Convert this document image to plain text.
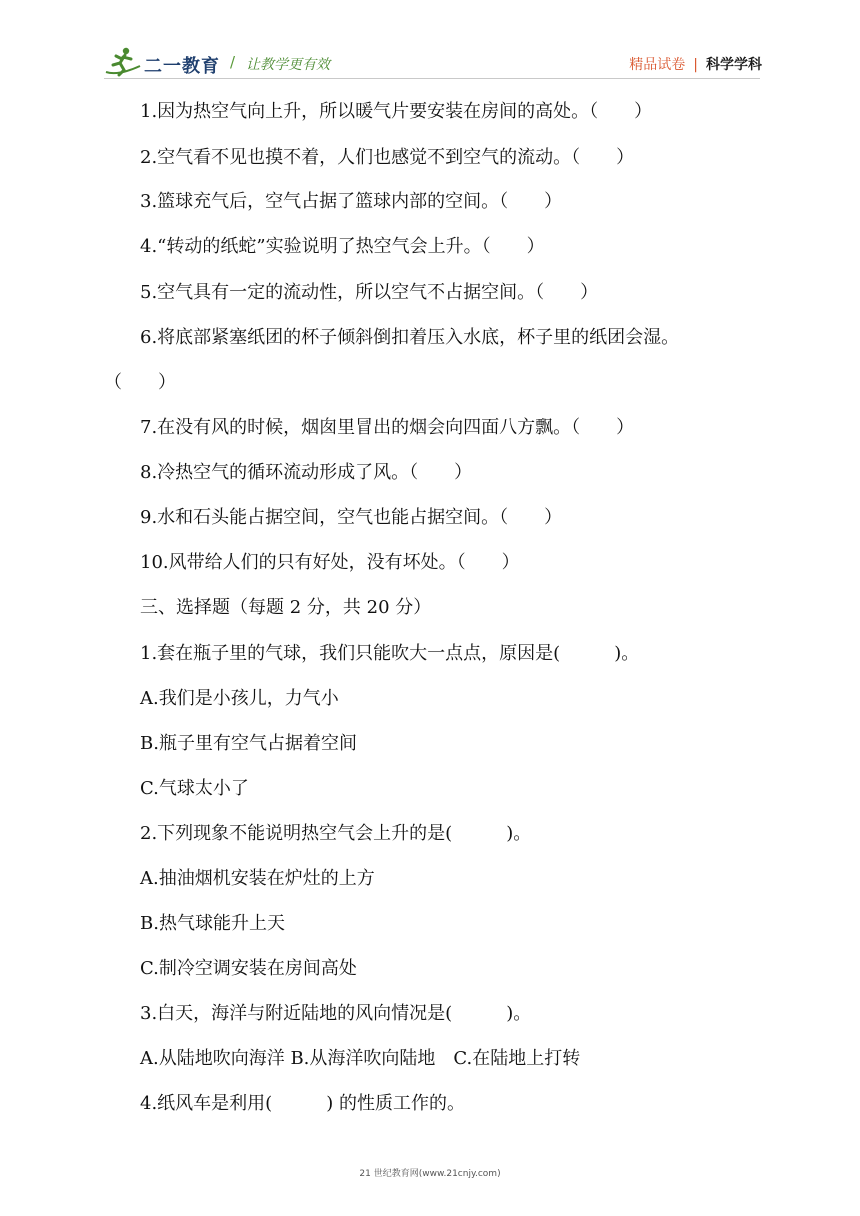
二一教育 / 让教学更有效	精品试卷 | 科学学科
1.因为热空气向上升，所以暖气片要安装在房间的高处。（　　）
2.空气看不见也摸不着，人们也感觉不到空气的流动。（　　）
3.篮球充气后，空气占据了篮球内部的空间。（　　）
4.“转动的纸蛇”实验说明了热空气会上升。（　　）
5.空气具有一定的流动性，所以空气不占据空间。（　　）
6.将底部紧塞纸团的杯子倾斜倒扣着压入水底，杯子里的纸团会湿。
（　　）
7.在没有风的时候，烟囱里冒出的烟会向四面八方飘。（　　）
8.冷热空气的循环流动形成了风。（　　）
9.水和石头能占据空间，空气也能占据空间。（　　）
10.风带给人们的只有好处，没有坏处。（　　）
三、选择题（每题 2 分，共 20 分）
1.套在瓶子里的气球，我们只能吹大一点点，原因是(　　　)。
A.我们是小孩儿，力气小
B.瓶子里有空气占据着空间
C.气球太小了
2.下列现象不能说明热空气会上升的是(　　　)。
A.抽油烟机安装在炉灶的上方
B.热气球能升上天
C.制冷空调安装在房间高处
3.白天，海洋与附近陆地的风向情况是(　　　)。
A.从陆地吹向海洋 B.从海洋吹向陆地　C.在陆地上打转
4.纸风车是利用(　　　) 的性质工作的。
21 世纪教育网(www.21cnjy.com)
